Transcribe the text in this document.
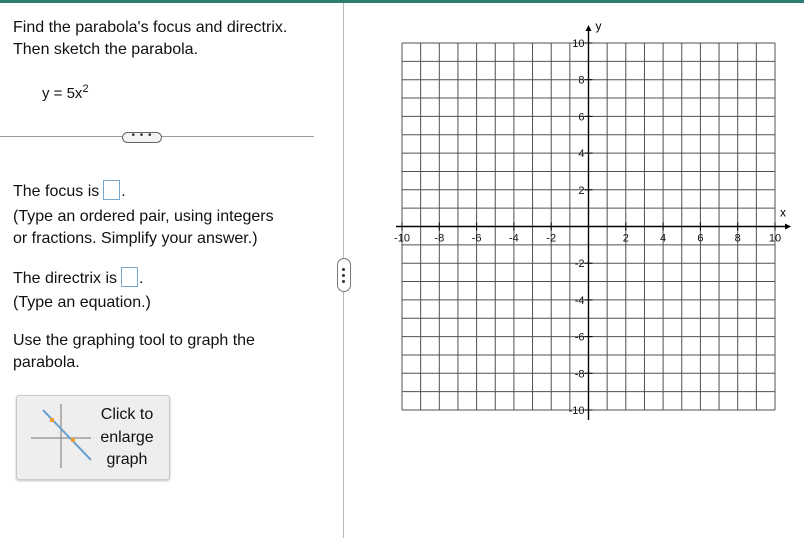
Find the parabola's focus and directrix.
Then sketch the parabola.
$y = 5x^2$
• • •
The focus is .
(Type an ordered pair, using integers
or fractions. Simplify your answer.)
The directrix is .
(Type an equation.)
Use the graphing tool to graph the
parabola.
Click to
enlarge
graph
-10 -8	-6	-4	-2	2	4	6	8	10
10
8
6
4
2
-2
-4
-6
-8
-10
x
y
